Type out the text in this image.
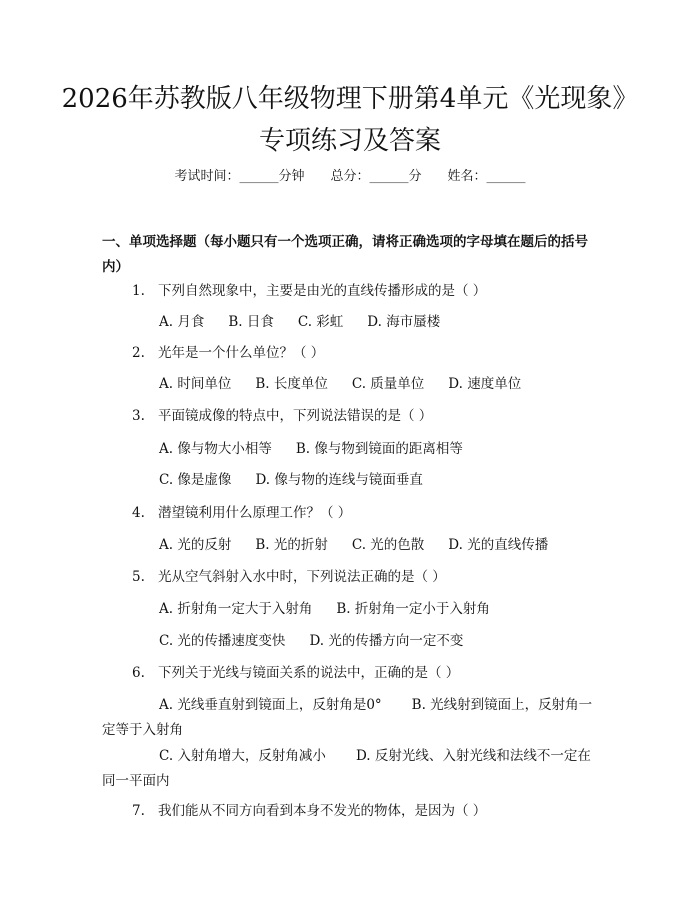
2026年苏教版八年级物理下册第4单元《光现象》专项练习及答案
考试时间：______分钟 总分：______分 姓名：______

一、单项选择题（每小题只有一个选项正确，请将正确选项的字母填在题后的括号内）

1. 下列自然现象中，主要是由光的直线传播形成的是（ ）
A. 月食 B. 日食 C. 彩虹 D. 海市蜃楼
2. 光年是一个什么单位？（ ）
A. 时间单位 B. 长度单位 C. 质量单位 D. 速度单位
3. 平面镜成像的特点中，下列说法错误的是（ ）
A. 像与物大小相等 B. 像与物到镜面的距离相等
C. 像是虚像 D. 像与物的连线与镜面垂直
4. 潜望镜利用什么原理工作？（ ）
A. 光的反射 B. 光的折射 C. 光的色散 D. 光的直线传播
5. 光从空气斜射入水中时，下列说法正确的是（ ）
A. 折射角一定大于入射角 B. 折射角一定小于入射角
C. 光的传播速度变快 D. 光的传播方向一定不变
6. 下列关于光线与镜面关系的说法中，正确的是（ ）
A. 光线垂直射到镜面上，反射角是0° B. 光线射到镜面上，反射角一定等于入射角
C. 入射角增大，反射角减小 D. 反射光线、入射光线和法线不一定在同一平面内
7. 我们能从不同方向看到本身不发光的物体，是因为（ ）
